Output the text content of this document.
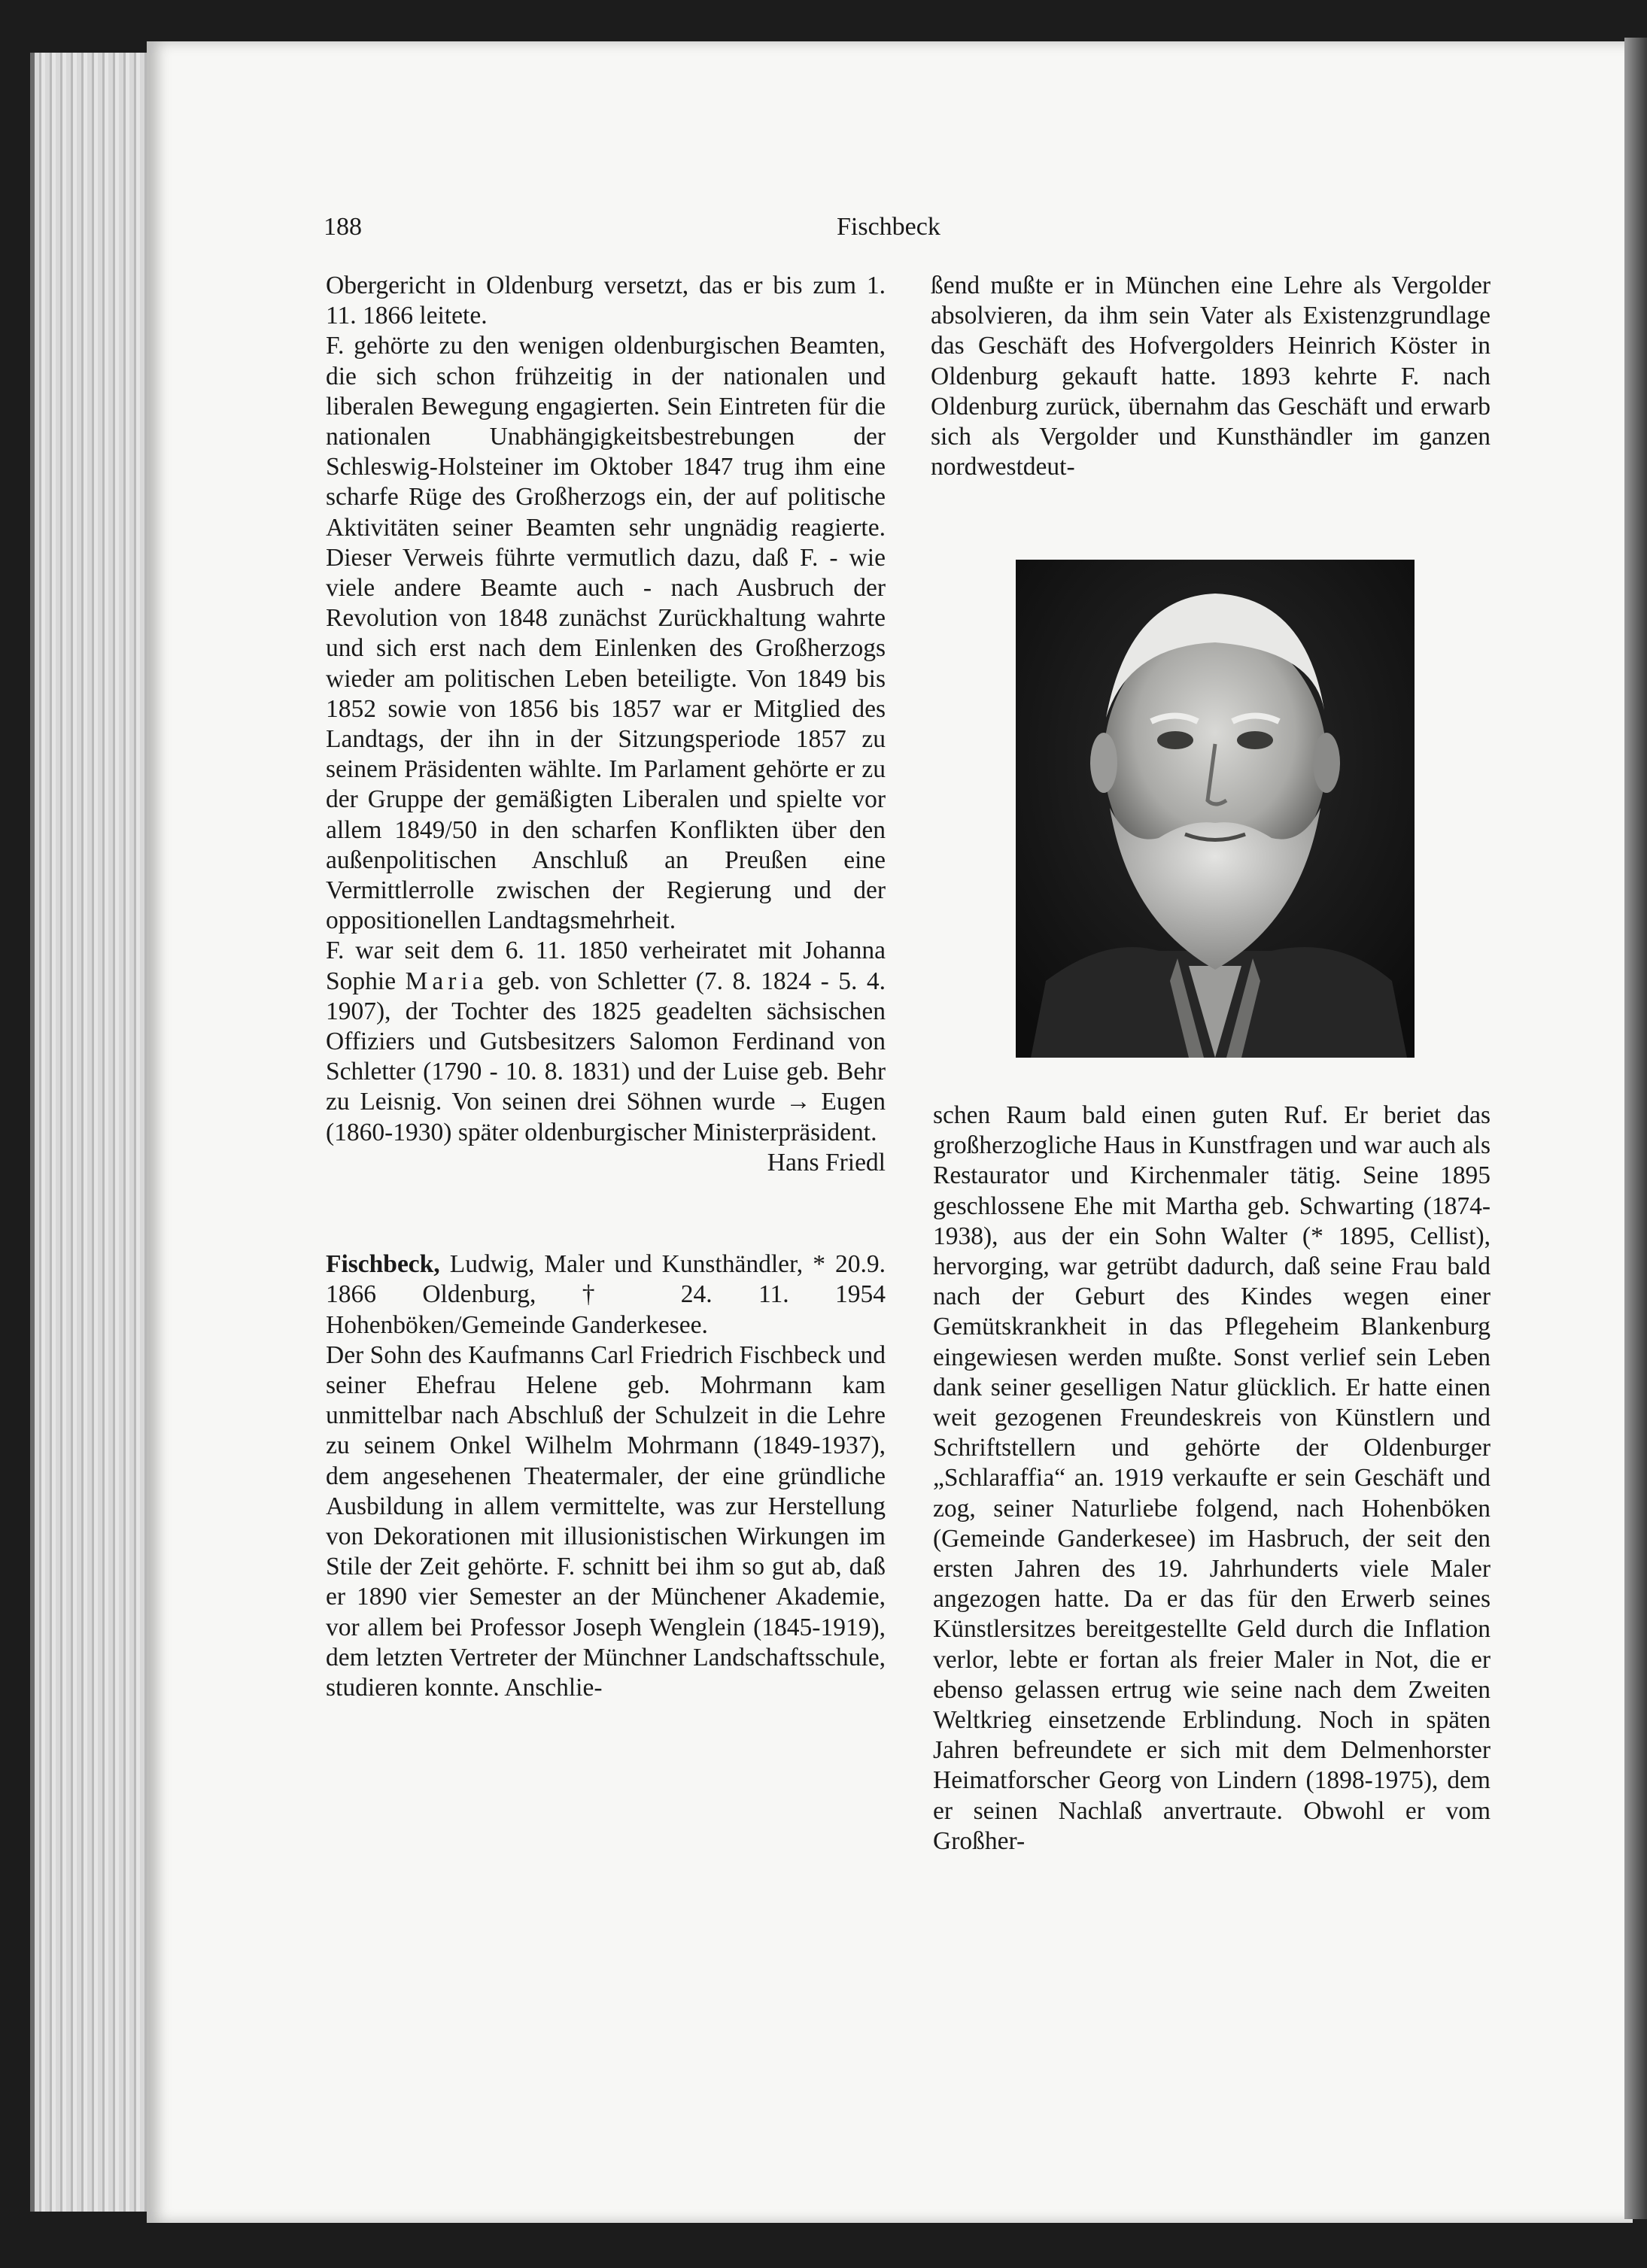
188	Fischbeck

Obergericht in Oldenburg versetzt, das er bis zum 1. 11. 1866 leitete.

F. gehörte zu den wenigen oldenburgischen Beamten, die sich schon frühzeitig in der nationalen und liberalen Bewegung engagierten. Sein Eintreten für die nationalen Unabhängigkeitsbestrebungen der Schleswig-Holsteiner im Oktober 1847 trug ihm eine scharfe Rüge des Großherzogs ein, der auf politische Aktivitäten seiner Beamten sehr ungnädig reagierte. Dieser Verweis führte vermutlich dazu, daß F. - wie viele andere Beamte auch - nach Ausbruch der Revolution von 1848 zunächst Zurückhaltung wahrte und sich erst nach dem Einlenken des Großherzogs wieder am politischen Leben beteiligte. Von 1849 bis 1852 sowie von 1856 bis 1857 war er Mitglied des Landtags, der ihn in der Sitzungsperiode 1857 zu seinem Präsidenten wählte. Im Parlament gehörte er zu der Gruppe der gemäßigten Liberalen und spielte vor allem 1849/50 in den scharfen Konflikten über den außenpolitischen Anschluß an Preußen eine Vermittlerrolle zwischen der Regierung und der oppositionellen Landtagsmehrheit.

F. war seit dem 6. 11. 1850 verheiratet mit Johanna Sophie Maria geb. von Schletter (7. 8. 1824 - 5. 4. 1907), der Tochter des 1825 geadelten sächsischen Offiziers und Gutsbesitzers Salomon Ferdinand von Schletter (1790 - 10. 8. 1831) und der Luise geb. Behr zu Leisnig. Von seinen drei Söhnen wurde → Eugen (1860-1930) später oldenburgischer Ministerpräsident.

Hans Friedl

Fischbeck, Ludwig, Maler und Kunsthändler, * 20.9. 1866 Oldenburg, † 24. 11. 1954 Hohenböken/Gemeinde Ganderkesee.

Der Sohn des Kaufmanns Carl Friedrich Fischbeck und seiner Ehefrau Helene geb. Mohrmann kam unmittelbar nach Abschluß der Schulzeit in die Lehre zu seinem Onkel Wilhelm Mohrmann (1849-1937), dem angesehenen Theatermaler, der eine gründliche Ausbildung in allem vermittelte, was zur Herstellung von Dekorationen mit illusionistischen Wirkungen im Stile der Zeit gehörte. F. schnitt bei ihm so gut ab, daß er 1890 vier Semester an der Münchener Akademie, vor allem bei Professor Joseph Wenglein (1845-1919), dem letzten Vertreter der Münchner Landschaftsschule, studieren konnte. Anschlie-

ßend mußte er in München eine Lehre als Vergolder absolvieren, da ihm sein Vater als Existenzgrundlage das Geschäft des Hofvergolders Heinrich Köster in Oldenburg gekauft hatte. 1893 kehrte F. nach Oldenburg zurück, übernahm das Geschäft und erwarb sich als Vergolder und Kunsthändler im ganzen nordwestdeut-

schen Raum bald einen guten Ruf. Er beriet das großherzogliche Haus in Kunstfragen und war auch als Restaurator und Kirchenmaler tätig. Seine 1895 geschlossene Ehe mit Martha geb. Schwarting (1874-1938), aus der ein Sohn Walter (* 1895, Cellist), hervorging, war getrübt dadurch, daß seine Frau bald nach der Geburt des Kindes wegen einer Gemütskrankheit in das Pflegeheim Blankenburg eingewiesen werden mußte. Sonst verlief sein Leben dank seiner geselligen Natur glücklich. Er hatte einen weit gezogenen Freundeskreis von Künstlern und Schriftstellern und gehörte der Oldenburger „Schlaraffia“ an. 1919 verkaufte er sein Geschäft und zog, seiner Naturliebe folgend, nach Hohenböken (Gemeinde Ganderkesee) im Hasbruch, der seit den ersten Jahren des 19. Jahrhunderts viele Maler angezogen hatte. Da er das für den Erwerb seines Künstlersitzes bereitgestellte Geld durch die Inflation verlor, lebte er fortan als freier Maler in Not, die er ebenso gelassen ertrug wie seine nach dem Zweiten Weltkrieg einsetzende Erblindung. Noch in späten Jahren befreundete er sich mit dem Delmenhorster Heimatforscher Georg von Lindern (1898-1975), dem er seinen Nachlaß anvertraute. Obwohl er vom Großher-
